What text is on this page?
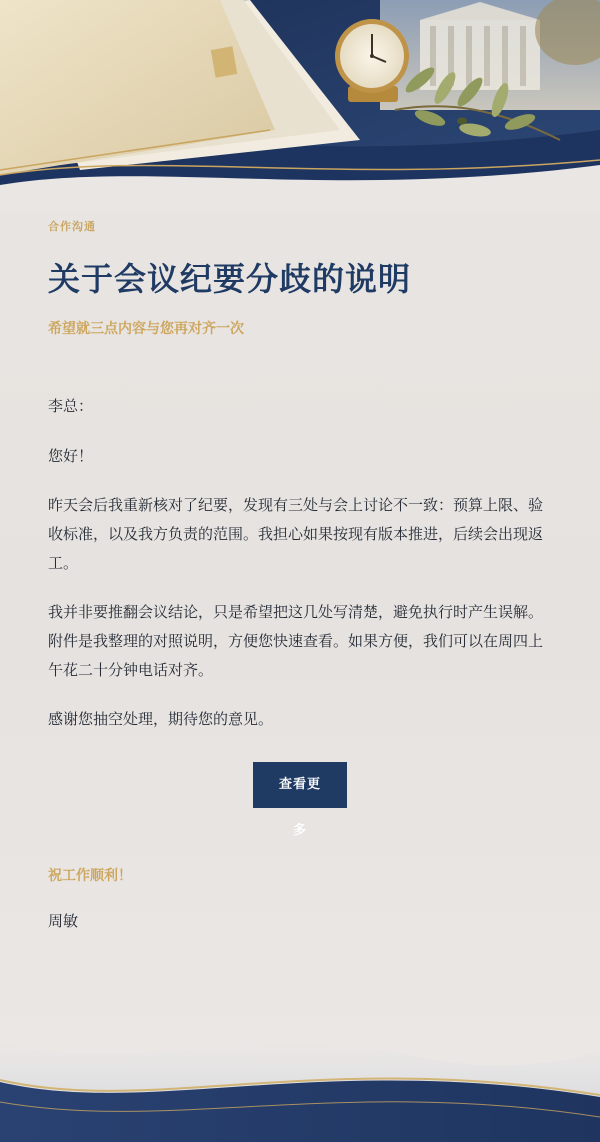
合作沟通
关于会议纪要分歧的说明
希望就三点内容与您再对齐一次

李总：

您好！

昨天会后我重新核对了纪要，发现有三处与会上讨论不一致：预算上限、验收标准，以及我方负责的范围。我担心如果按现有版本推进，后续会出现返工。

我并非要推翻会议结论，只是希望把这几处写清楚，避免执行时产生误解。附件是我整理的对照说明，方便您快速查看。如果方便，我们可以在周四上午花二十分钟电话对齐。

感谢您抽空处理，期待您的意见。

查看更多
祝工作顺利！
周敏
